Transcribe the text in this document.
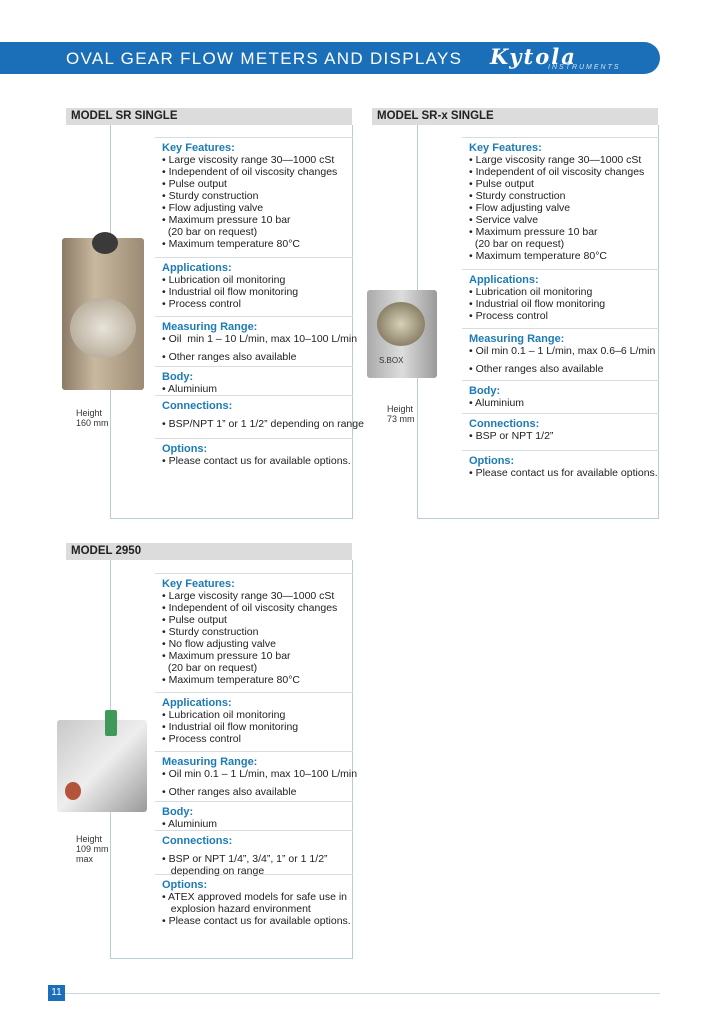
OVAL GEAR FLOW METERS AND DISPLAYS Kytola
INSTRUMENTS
MODEL SR SINGLE
Height
160 mm
Key Features:
• Large viscosity range 30—1000 cSt
• Independent of oil viscosity changes
• Pulse output
• Sturdy construction
• Flow adjusting valve
• Maximum pressure 10 bar
(20 bar on request)
• Maximum temperature 80°C
Applications:
• Lubrication oil monitoring
• Industrial oil flow monitoring
• Process control
Measuring Range:
• Oil  min 1 – 10 L/min, max 10–100 L/min
• Other ranges also available
Body:
• Aluminium
Connections:
• BSP/NPT 1” or 1 1/2” depending on range
Options:
• Please contact us for available options.
MODEL SR-x SINGLE
S.BOX
Height
73 mm
Key Features:
• Large viscosity range 30—1000 cSt
• Independent of oil viscosity changes
• Pulse output
• Sturdy construction
• Flow adjusting valve
• Service valve
• Maximum pressure 10 bar
(20 bar on request)
• Maximum temperature 80°C
Applications:
• Lubrication oil monitoring
• Industrial oil flow monitoring
• Process control
Measuring Range:
• Oil min 0.1 – 1 L/min, max 0.6–6 L/min
• Other ranges also available
Body:
• Aluminium
Connections:
• BSP or NPT 1/2”
Options:
• Please contact us for available options.
MODEL 2950
Height
109 mm
max
Key Features:
• Large viscosity range 30—1000 cSt
• Independent of oil viscosity changes
• Pulse output
• Sturdy construction
• No flow adjusting valve
• Maximum pressure 10 bar
(20 bar on request)
• Maximum temperature 80°C
Applications:
• Lubrication oil monitoring
• Industrial oil flow monitoring
• Process control
Measuring Range:
• Oil min 0.1 – 1 L/min, max 10–100 L/min
• Other ranges also available
Body:
• Aluminium
Connections:
• BSP or NPT 1/4”, 3/4”, 1” or 1 1/2”
depending on range
Options:
• ATEX approved models for safe use in
explosion hazard environment
• Please contact us for available options.
11
